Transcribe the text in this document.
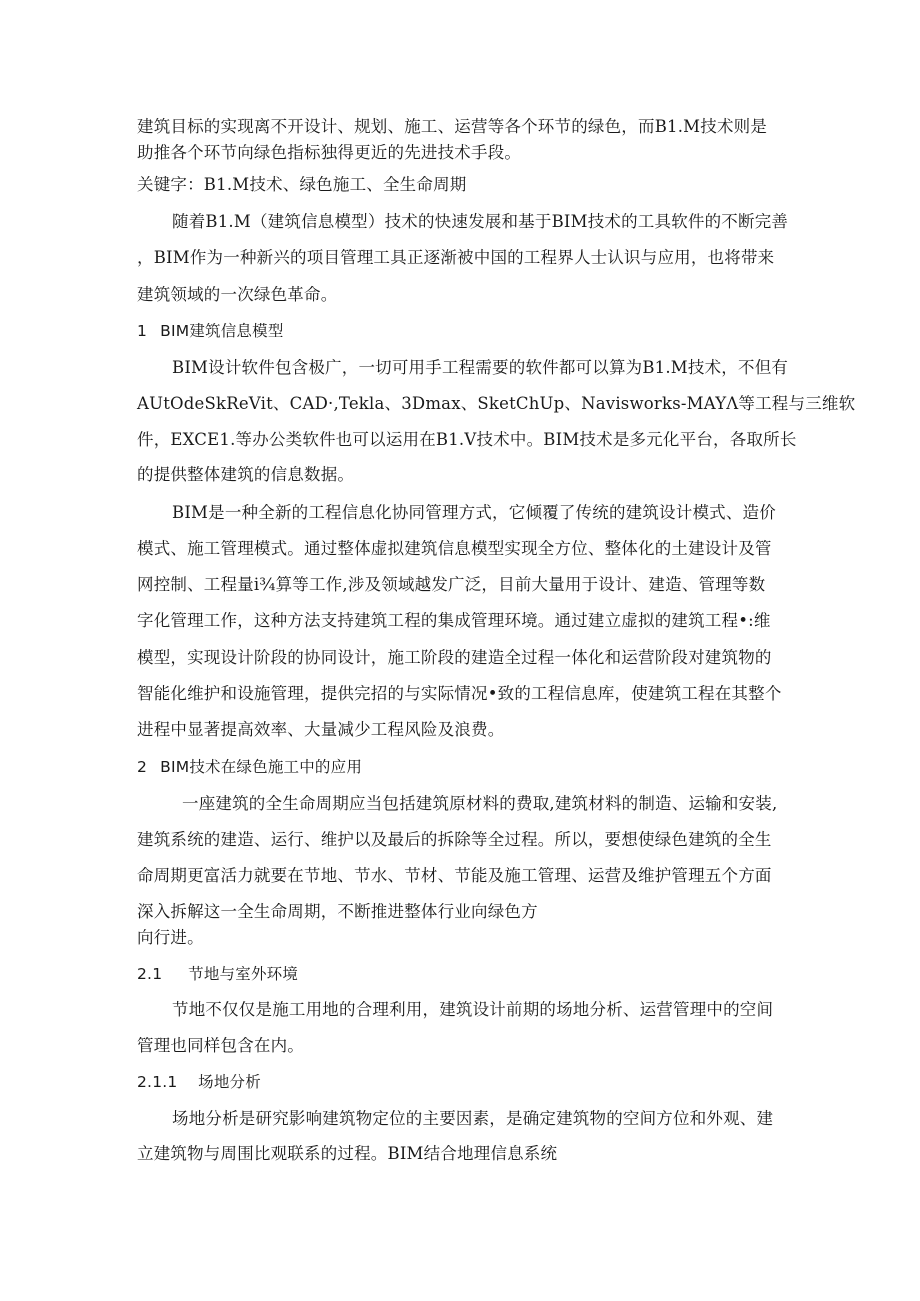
建筑目标的实现离不开设计、规划、施工、运营等各个环节的绿色，而B1.M技术则是
助推各个环节向绿色指标独得更近的先进技术手段。
关键字：B1.M技术、绿色施工、全生命周期
随着B1.M（建筑信息模型）技术的快速发展和基于BIM技术的工具软件的不断完善
，BIM作为一种新兴的项目管理工具正逐渐被中国的工程界人士认识与应用，也将带来
建筑领域的一次绿色革命。
1 BIM建筑信息模型
BIM设计软件包含极广，一切可用手工程需要的软件都可以算为B1.M技术，不但有
AUtOdeSkReVit、CAD·,Tekla、3Dmax、SketChUp、Navisworks-MAYΛ等工程与三维软
件，EXCE1.等办公类软件也可以运用在B1.V技术中。BIM技术是多元化平台，各取所长
的提供整体建筑的信息数据。
BIM是一种全新的工程信息化协同管理方式，它倾覆了传统的建筑设计模式、造价
模式、施工管理模式。通过整体虚拟建筑信息模型实现全方位、整体化的土建设计及管
网控制、工程量i¾算等工作,涉及领域越发广泛，目前大量用于设计、建造、管理等数
字化管理工作，这种方法支持建筑工程的集成管理环境。通过建立虚拟的建筑工程•:维
模型，实现设计阶段的协同设计，施工阶段的建造全过程一体化和运营阶段对建筑物的
智能化维护和设施管理，提供完招的与实际情况•致的工程信息库，使建筑工程在其整个
进程中显著提高效率、大量减少工程风险及浪费。
2 BIM技术在绿色施工中的应用
一座建筑的全生命周期应当包括建筑原材料的费取,建筑材料的制造、运输和安装,
建筑系统的建造、运行、维护以及最后的拆除等全过程。所以，要想使绿色建筑的全生
命周期更富活力就要在节地、节水、节材、节能及施工管理、运营及维护管理五个方面
深入拆解这一全生命周期，不断推进整体行业向绿色方
向行进。
2.1 节地与室外环境
节地不仅仅是施工用地的合理利用，建筑设计前期的场地分析、运营管理中的空间
管理也同样包含在内。
2.1.1 场地分析
场地分析是研究影响建筑物定位的主要因素，是确定建筑物的空间方位和外观、建
立建筑物与周围比观联系的过程。BIM结合地理信息系统
